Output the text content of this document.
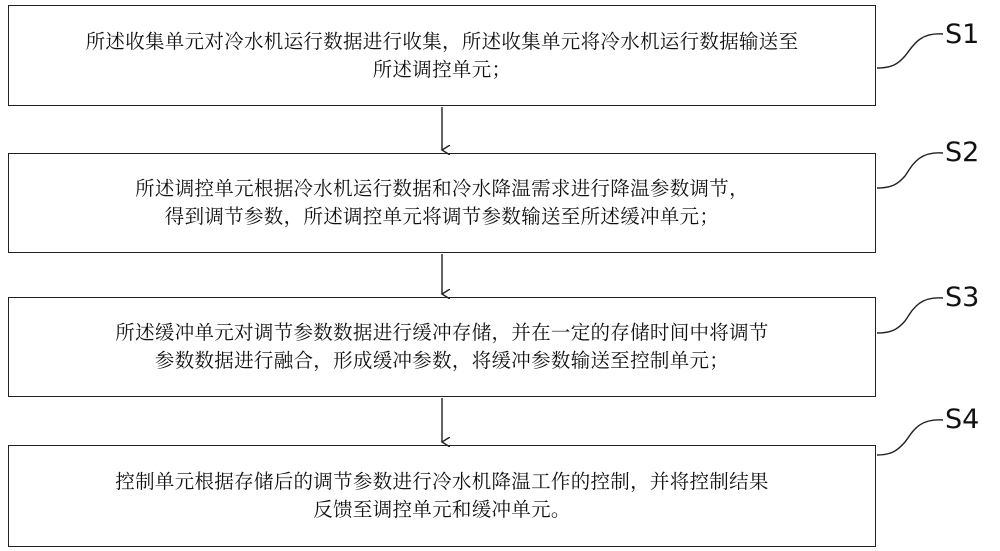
所述收集单元对冷水机运行数据进行收集，所述收集单元将冷水机运行数据输送至
所述调控单元；
所述调控单元根据冷水机运行数据和冷水降温需求进行降温参数调节，
得到调节参数，所述调控单元将调节参数输送至所述缓冲单元；
所述缓冲单元对调节参数数据进行缓冲存储，并在一定的存储时间中将调节
参数数据进行融合，形成缓冲参数，将缓冲参数输送至控制单元；
控制单元根据存储后的调节参数进行冷水机降温工作的控制，并将控制结果
反馈至调控单元和缓冲单元。
S1
S2
S3
S4
